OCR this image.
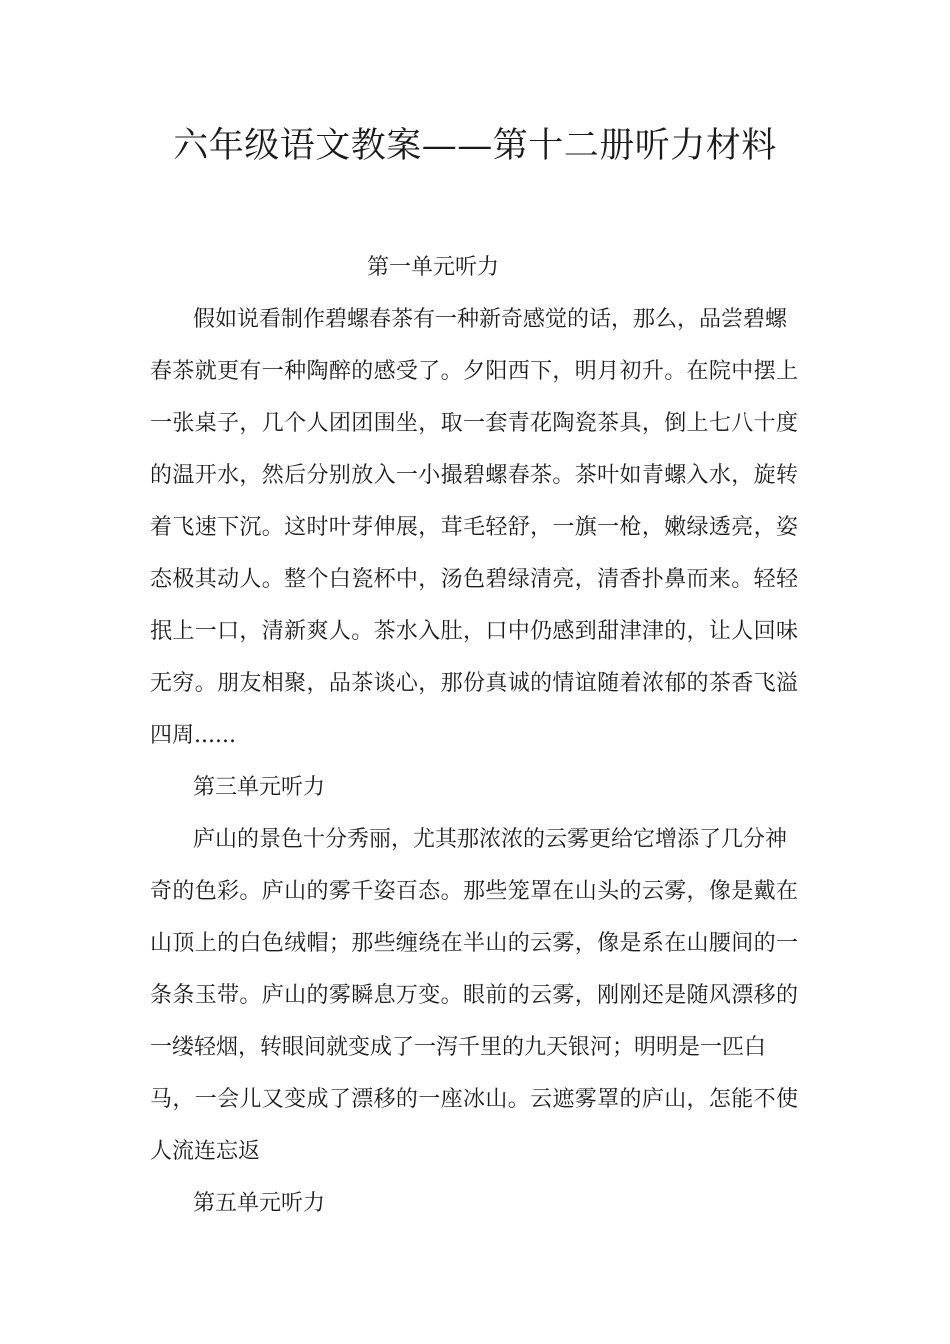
六年级语文教案——第十二册听力材料
第一单元听力
假如说看制作碧螺春茶有一种新奇感觉的话，那么，品尝碧螺
春茶就更有一种陶醉的感受了。夕阳西下，明月初升。在院中摆上
一张桌子，几个人团团围坐，取一套青花陶瓷茶具，倒上七八十度
的温开水，然后分别放入一小撮碧螺春茶。茶叶如青螺入水，旋转
着飞速下沉。这时叶芽伸展，茸毛轻舒，一旗一枪，嫩绿透亮，姿
态极其动人。整个白瓷杯中，汤色碧绿清亮，清香扑鼻而来。轻轻
抿上一口，清新爽人。茶水入肚，口中仍感到甜津津的，让人回味
无穷。朋友相聚，品茶谈心，那份真诚的情谊随着浓郁的茶香飞溢
四周......
第三单元听力
庐山的景色十分秀丽，尤其那浓浓的云雾更给它增添了几分神
奇的色彩。庐山的雾千姿百态。那些笼罩在山头的云雾，像是戴在
山顶上的白色绒帽；那些缠绕在半山的云雾，像是系在山腰间的一
条条玉带。庐山的雾瞬息万变。眼前的云雾，刚刚还是随风漂移的
一缕轻烟，转眼间就变成了一泻千里的九天银河；明明是一匹白
马，一会儿又变成了漂移的一座冰山。云遮雾罩的庐山，怎能不使
人流连忘返
第五单元听力
